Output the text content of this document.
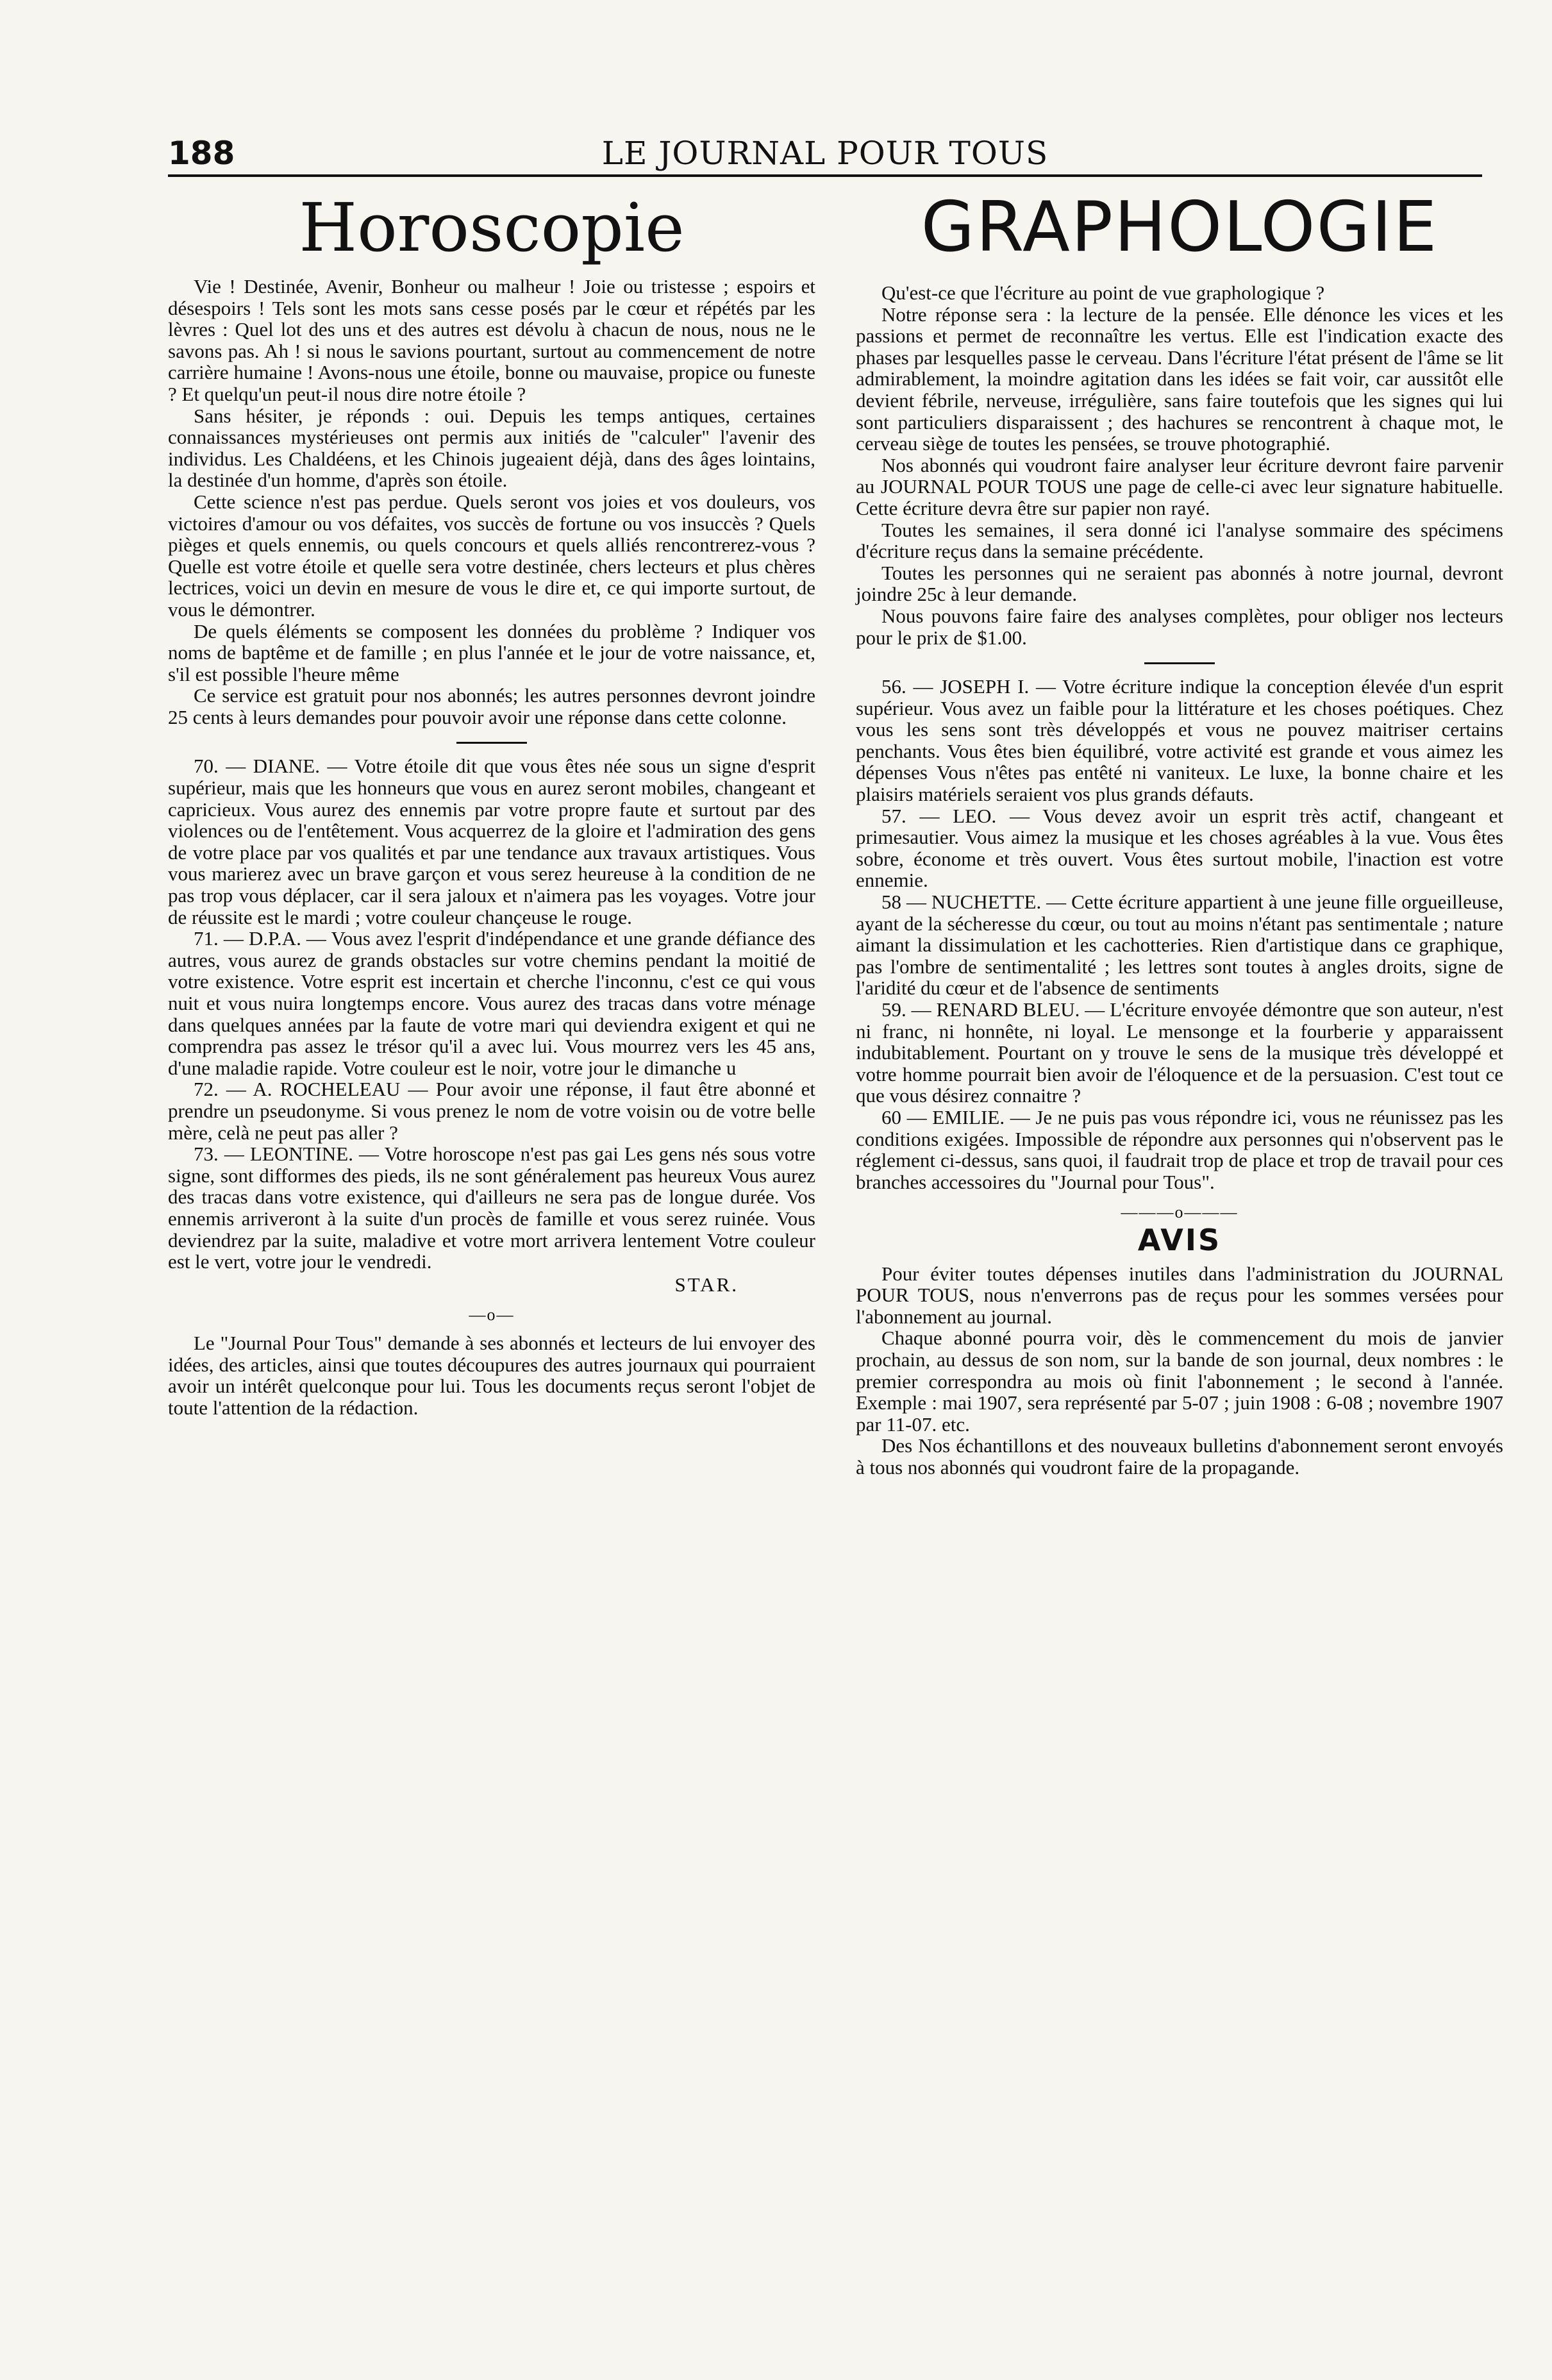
188	LE JOURNAL POUR TOUS
Horoscopie

Vie ! Destinée, Avenir, Bonheur ou malheur ! Joie ou tristesse ; espoirs et désespoirs ! Tels sont les mots sans cesse posés par le cœur et répétés par les lèvres : Quel lot des uns et des autres est dévolu à chacun de nous, nous ne le savons pas. Ah ! si nous le savions pourtant, surtout au commencement de notre carrière humaine ! Avons-nous une étoile, bonne ou mauvaise, propice ou funeste ? Et quelqu'un peut-il nous dire notre étoile ?

Sans hésiter, je réponds : oui. Depuis les temps antiques, certaines connaissances mystérieuses ont permis aux initiés de "calculer" l'avenir des individus. Les Chaldéens, et les Chinois jugeaient déjà, dans des âges lointains, la destinée d'un homme, d'après son étoile.

Cette science n'est pas perdue. Quels seront vos joies et vos douleurs, vos victoires d'amour ou vos défaites, vos succès de fortune ou vos insuccès ? Quels pièges et quels ennemis, ou quels concours et quels alliés rencontrerez-vous ? Quelle est votre étoile et quelle sera votre destinée, chers lecteurs et plus chères lectrices, voici un devin en mesure de vous le dire et, ce qui importe surtout, de vous le démontrer.

De quels éléments se composent les données du problème ? Indiquer vos noms de baptême et de famille ; en plus l'année et le jour de votre naissance, et, s'il est possible l'heure même

Ce service est gratuit pour nos abonnés; les autres personnes devront joindre 25 cents à leurs demandes pour pouvoir avoir une réponse dans cette colonne.

70. — DIANE. — Votre étoile dit que vous êtes née sous un signe d'esprit supérieur, mais que les honneurs que vous en aurez seront mobiles, changeant et capricieux. Vous aurez des ennemis par votre propre faute et surtout par des violences ou de l'entêtement. Vous acquerrez de la gloire et l'admiration des gens de votre place par vos qualités et par une tendance aux travaux artistiques. Vous vous marierez avec un brave garçon et vous serez heureuse à la condition de ne pas trop vous déplacer, car il sera jaloux et n'aimera pas les voyages. Votre jour de réussite est le mardi ; votre couleur chançeuse le rouge.

71. — D.P.A. — Vous avez l'esprit d'indépendance et une grande défiance des autres, vous aurez de grands obstacles sur votre chemins pendant la moitié de votre existence. Votre esprit est incertain et cherche l'inconnu, c'est ce qui vous nuit et vous nuira longtemps encore. Vous aurez des tracas dans votre ménage dans quelques années par la faute de votre mari qui deviendra exigent et qui ne comprendra pas assez le trésor qu'il a avec lui. Vous mourrez vers les 45 ans, d'une maladie rapide. Votre couleur est le noir, votre jour le dimanche u

72. — A. ROCHELEAU — Pour avoir une réponse, il faut être abonné et prendre un pseudonyme. Si vous prenez le nom de votre voisin ou de votre belle mère, celà ne peut pas aller ?

73. — LEONTINE. — Votre horoscope n'est pas gai Les gens nés sous votre signe, sont difformes des pieds, ils ne sont généralement pas heureux Vous aurez des tracas dans votre existence, qui d'ailleurs ne sera pas de longue durée. Vos ennemis arriveront à la suite d'un procès de famille et vous serez ruinée. Vous deviendrez par la suite, maladive et votre mort arrivera lentement Votre couleur est le vert, votre jour le vendredi.

STAR.
—o—

Le "Journal Pour Tous" demande à ses abonnés et lecteurs de lui envoyer des idées, des articles, ainsi que toutes découpures des autres journaux qui pourraient avoir un intérêt quelconque pour lui. Tous les documents reçus seront l'objet de toute l'attention de la rédaction.

GRAPHOLOGIE

Qu'est-ce que l'écriture au point de vue graphologique ?

Notre réponse sera : la lecture de la pensée. Elle dénonce les vices et les passions et permet de reconnaître les vertus. Elle est l'indication exacte des phases par lesquelles passe le cerveau. Dans l'écriture l'état présent de l'âme se lit admirablement, la moindre agitation dans les idées se fait voir, car aussitôt elle devient fébrile, nerveuse, irrégulière, sans faire toutefois que les signes qui lui sont particuliers disparaissent ; des hachures se rencontrent à chaque mot, le cerveau siège de toutes les pensées, se trouve photographié.

Nos abonnés qui voudront faire analyser leur écriture devront faire parvenir au JOURNAL POUR TOUS une page de celle-ci avec leur signature habituelle. Cette écriture devra être sur papier non rayé.

Toutes les semaines, il sera donné ici l'analyse sommaire des spécimens d'écriture reçus dans la semaine précédente.

Toutes les personnes qui ne seraient pas abonnés à notre journal, devront joindre 25c à leur demande.

Nous pouvons faire faire des analyses complètes, pour obliger nos lecteurs pour le prix de $1.00.

56. — JOSEPH I. — Votre écriture indique la conception élevée d'un esprit supérieur. Vous avez un faible pour la littérature et les choses poétiques. Chez vous les sens sont très développés et vous ne pouvez maitriser certains penchants. Vous êtes bien équilibré, votre activité est grande et vous aimez les dépenses Vous n'êtes pas entêté ni vaniteux. Le luxe, la bonne chaire et les plaisirs matériels seraient vos plus grands défauts.

57. — LEO. — Vous devez avoir un esprit très actif, changeant et primesautier. Vous aimez la musique et les choses agréables à la vue. Vous êtes sobre, économe et très ouvert. Vous êtes surtout mobile, l'inaction est votre ennemie.

58 — NUCHETTE. — Cette écriture appartient à une jeune fille orgueilleuse, ayant de la sécheresse du cœur, ou tout au moins n'étant pas sentimentale ; nature aimant la dissimulation et les cachotteries. Rien d'artistique dans ce graphique, pas l'ombre de sentimentalité ; les lettres sont toutes à angles droits, signe de l'aridité du cœur et de l'absence de sentiments

59. — RENARD BLEU. — L'écriture envoyée démontre que son auteur, n'est ni franc, ni honnête, ni loyal. Le mensonge et la fourberie y apparaissent indubitablement. Pourtant on y trouve le sens de la musique très développé et votre homme pourrait bien avoir de l'éloquence et de la persuasion. C'est tout ce que vous désirez connaitre ?

60 — EMILIE. — Je ne puis pas vous répondre ici, vous ne réunissez pas les conditions exigées. Impossible de répondre aux personnes qui n'observent pas le réglement ci-dessus, sans quoi, il faudrait trop de place et trop de travail pour ces branches accessoires du "Journal pour Tous".

———o———
AVIS

Pour éviter toutes dépenses inutiles dans l'administration du JOURNAL POUR TOUS, nous n'enverrons pas de reçus pour les sommes versées pour l'abonnement au journal.

Chaque abonné pourra voir, dès le commencement du mois de janvier prochain, au dessus de son nom, sur la bande de son journal, deux nombres : le premier correspondra au mois où finit l'abonnement ; le second à l'année. Exemple : mai 1907, sera représenté par 5-07 ; juin 1908 : 6-08 ; novembre 1907 par 11-07. etc.

Des Nos échantillons et des nouveaux bulletins d'abonnement seront envoyés à tous nos abonnés qui voudront faire de la propagande.
